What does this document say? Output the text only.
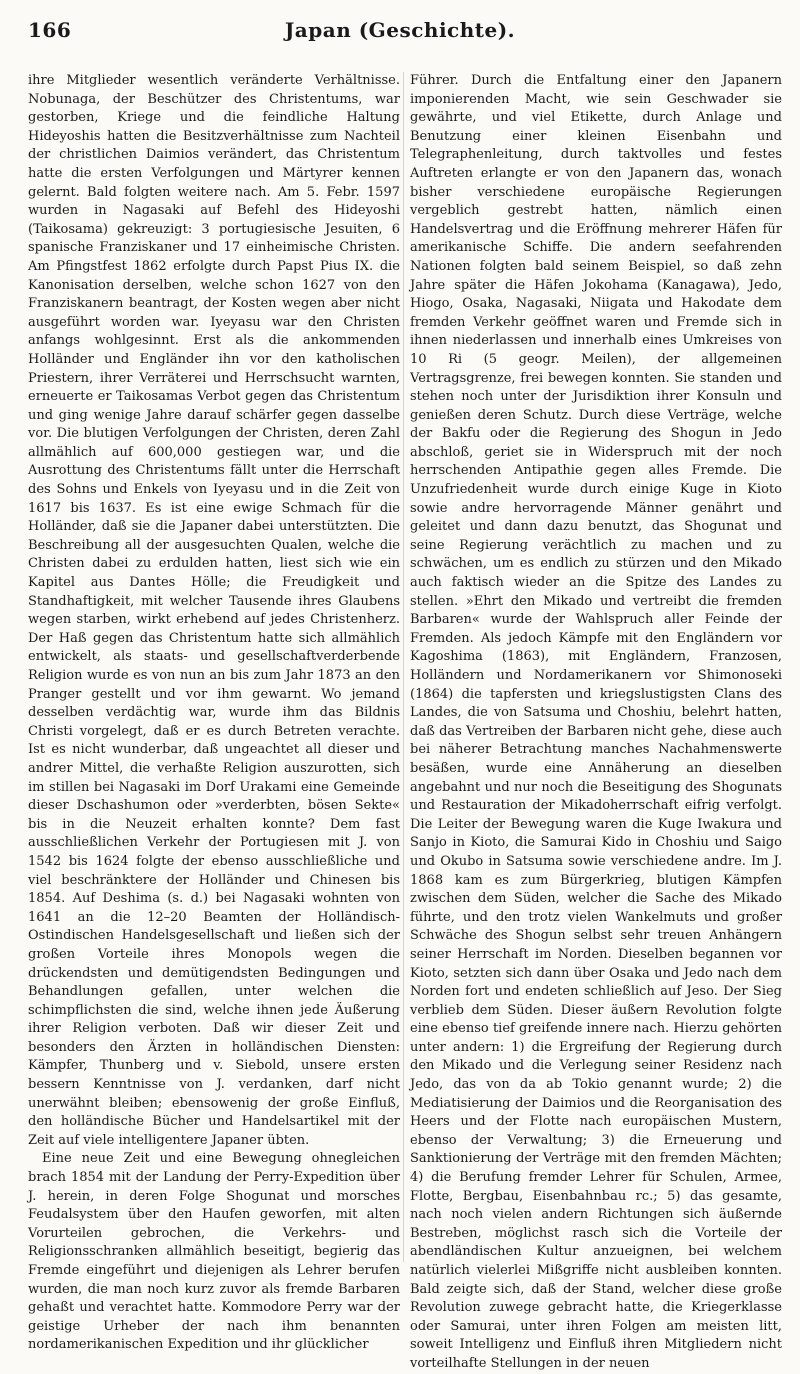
166	Japan (Geschichte).

ihre Mitglieder wesentlich veränderte Verhältnisse. Nobunaga, der Beschützer des Christentums, war gestorben, Kriege und die feindliche Haltung Hideyoshis hatten die Besitzverhältnisse zum Nachteil der christlichen Daimios verändert, das Christentum hatte die ersten Verfolgungen und Märtyrer kennen gelernt. Bald folgten weitere nach. Am 5. Febr. 1597 wurden in Nagasaki auf Befehl des Hideyoshi (Taikosama) gekreuzigt: 3 portugiesische Jesuiten, 6 spanische Franziskaner und 17 einheimische Christen. Am Pfingstfest 1862 erfolgte durch Papst Pius IX. die Kanonisation derselben, welche schon 1627 von den Franziskanern beantragt, der Kosten wegen aber nicht ausgeführt worden war. Iyeyasu war den Christen anfangs wohlgesinnt. Erst als die ankommenden Holländer und Engländer ihn vor den katholischen Priestern, ihrer Verräterei und Herrschsucht warnten, erneuerte er Taikosamas Verbot gegen das Christentum und ging wenige Jahre darauf schärfer gegen dasselbe vor. Die blutigen Verfolgungen der Christen, deren Zahl allmählich auf 600,000 gestiegen war, und die Ausrottung des Christentums fällt unter die Herrschaft des Sohns und Enkels von Iyeyasu und in die Zeit von 1617 bis 1637. Es ist eine ewige Schmach für die Holländer, daß sie die Japaner dabei unterstützten. Die Beschreibung all der ausgesuchten Qualen, welche die Christen dabei zu erdulden hatten, liest sich wie ein Kapitel aus Dantes Hölle; die Freudigkeit und Standhaftigkeit, mit welcher Tausende ihres Glaubens wegen starben, wirkt erhebend auf jedes Christenherz. Der Haß gegen das Christentum hatte sich allmählich entwickelt, als staats- und gesellschaftverderbende Religion wurde es von nun an bis zum Jahr 1873 an den Pranger gestellt und vor ihm gewarnt. Wo jemand desselben verdächtig war, wurde ihm das Bildnis Christi vorgelegt, daß er es durch Betreten verachte. Ist es nicht wunderbar, daß ungeachtet all dieser und andrer Mittel, die verhaßte Religion auszurotten, sich im stillen bei Nagasaki im Dorf Urakami eine Gemeinde dieser Dschashumon oder »verderbten, bösen Sekte« bis in die Neuzeit erhalten konnte? Dem fast ausschließlichen Verkehr der Portugiesen mit J. von 1542 bis 1624 folgte der ebenso ausschließliche und viel beschränktere der Holländer und Chinesen bis 1854. Auf Deshima (s. d.) bei Nagasaki wohnten von 1641 an die 12–20 Beamten der Holländisch-Ostindischen Handelsgesellschaft und ließen sich der großen Vorteile ihres Monopols wegen die drückendsten und demütigendsten Bedingungen und Behandlungen gefallen, unter welchen die schimpflichsten die sind, welche ihnen jede Äußerung ihrer Religion verboten. Daß wir dieser Zeit und besonders den Ärzten in holländischen Diensten: Kämpfer, Thunberg und v. Siebold, unsere ersten bessern Kenntnisse von J. verdanken, darf nicht unerwähnt bleiben; ebensowenig der große Einfluß, den holländische Bücher und Handelsartikel mit der Zeit auf viele intelligentere Japaner übten.

Eine neue Zeit und eine Bewegung ohnegleichen brach 1854 mit der Landung der Perry-Expedition über J. herein, in deren Folge Shogunat und morsches Feudalsystem über den Haufen geworfen, mit alten Vorurteilen gebrochen, die Verkehrs- und Religionsschranken allmählich beseitigt, begierig das Fremde eingeführt und diejenigen als Lehrer berufen wurden, die man noch kurz zuvor als fremde Barbaren gehaßt und verachtet hatte. Kommodore Perry war der geistige Urheber der nach ihm benannten nordamerikanischen Expedition und ihr glücklicher

Führer. Durch die Entfaltung einer den Japanern imponierenden Macht, wie sein Geschwader sie gewährte, und viel Etikette, durch Anlage und Benutzung einer kleinen Eisenbahn und Telegraphenleitung, durch taktvolles und festes Auftreten erlangte er von den Japanern das, wonach bisher verschiedene europäische Regierungen vergeblich gestrebt hatten, nämlich einen Handelsvertrag und die Eröffnung mehrerer Häfen für amerikanische Schiffe. Die andern seefahrenden Nationen folgten bald seinem Beispiel, so daß zehn Jahre später die Häfen Jokohama (Kanagawa), Jedo, Hiogo, Osaka, Nagasaki, Niigata und Hakodate dem fremden Verkehr geöffnet waren und Fremde sich in ihnen niederlassen und innerhalb eines Umkreises von 10 Ri (5 geogr. Meilen), der allgemeinen Vertragsgrenze, frei bewegen konnten. Sie standen und stehen noch unter der Jurisdiktion ihrer Konsuln und genießen deren Schutz. Durch diese Verträge, welche der Bakfu oder die Regierung des Shogun in Jedo abschloß, geriet sie in Widerspruch mit der noch herrschenden Antipathie gegen alles Fremde. Die Unzufriedenheit wurde durch einige Kuge in Kioto sowie andre hervorragende Männer genährt und geleitet und dann dazu benutzt, das Shogunat und seine Regierung verächtlich zu machen und zu schwächen, um es endlich zu stürzen und den Mikado auch faktisch wieder an die Spitze des Landes zu stellen. »Ehrt den Mikado und vertreibt die fremden Barbaren« wurde der Wahlspruch aller Feinde der Fremden. Als jedoch Kämpfe mit den Engländern vor Kagoshima (1863), mit Engländern, Franzosen, Holländern und Nordamerikanern vor Shimonoseki (1864) die tapfersten und kriegslustigsten Clans des Landes, die von Satsuma und Choshiu, belehrt hatten, daß das Vertreiben der Barbaren nicht gehe, diese auch bei näherer Betrachtung manches Nachahmenswerte besäßen, wurde eine Annäherung an dieselben angebahnt und nur noch die Beseitigung des Shogunats und Restauration der Mikadoherrschaft eifrig verfolgt. Die Leiter der Bewegung waren die Kuge Iwakura und Sanjo in Kioto, die Samurai Kido in Choshiu und Saigo und Okubo in Satsuma sowie verschiedene andre. Im J. 1868 kam es zum Bürgerkrieg, blutigen Kämpfen zwischen dem Süden, welcher die Sache des Mikado führte, und den trotz vielen Wankelmuts und großer Schwäche des Shogun selbst sehr treuen Anhängern seiner Herrschaft im Norden. Dieselben begannen vor Kioto, setzten sich dann über Osaka und Jedo nach dem Norden fort und endeten schließlich auf Jeso. Der Sieg verblieb dem Süden. Dieser äußern Revolution folgte eine ebenso tief greifende innere nach. Hierzu gehörten unter andern: 1) die Ergreifung der Regierung durch den Mikado und die Verlegung seiner Residenz nach Jedo, das von da ab Tokio genannt wurde; 2) die Mediatisierung der Daimios und die Reorganisation des Heers und der Flotte nach europäischen Mustern, ebenso der Verwaltung; 3) die Erneuerung und Sanktionierung der Verträge mit den fremden Mächten; 4) die Berufung fremder Lehrer für Schulen, Armee, Flotte, Bergbau, Eisenbahnbau rc.; 5) das gesamte, nach noch vielen andern Richtungen sich äußernde Bestreben, möglichst rasch sich die Vorteile der abendländischen Kultur anzueignen, bei welchem natürlich vielerlei Mißgriffe nicht ausbleiben konnten. Bald zeigte sich, daß der Stand, welcher diese große Revolution zuwege gebracht hatte, die Kriegerklasse oder Samurai, unter ihren Folgen am meisten litt, soweit Intelligenz und Einfluß ihren Mitgliedern nicht vorteilhafte Stellungen in der neuen
